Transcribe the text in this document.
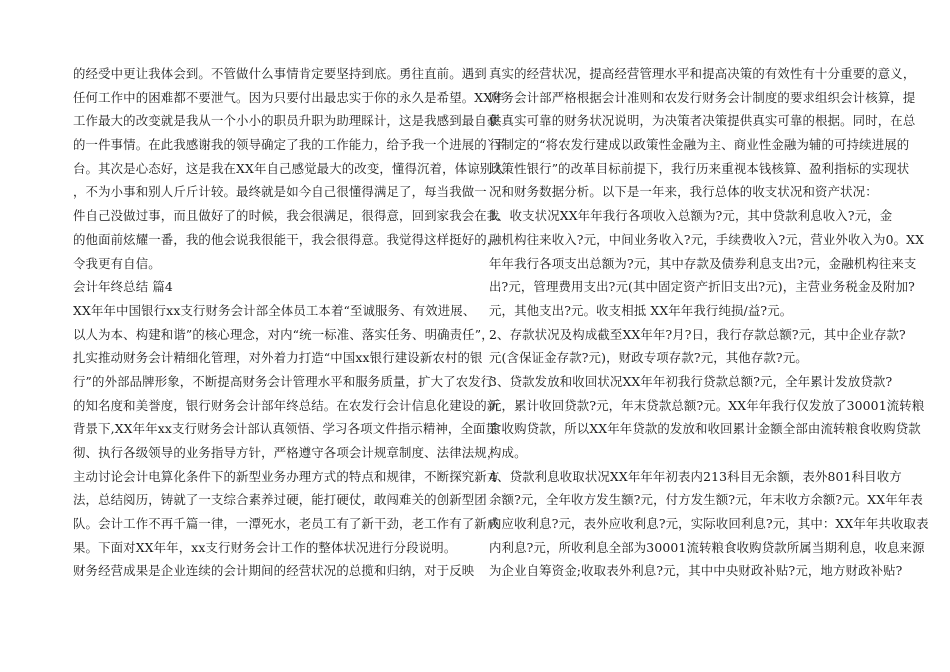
的经受中更让我体会到。不管做什么事情肯定要坚持到底。勇往直前。遇到
任何工作中的困难都不要泄气。因为只要付出最忠实于你的永久是希望。XX年
工作最大的改变就是我从一个小小的职员升职为助理睬计，这是我感到最自豪
的一件事情。在此我感谢我的领导确定了我的工作能力，给予我一个进展的`平
台。其次是心态好，这是我在XX年自己感觉最大的改变，懂得沉着，体谅别人
，不为小事和别人斤斤计较。最终就是如今自己很懂得满足了，每当我做一
件自己没做过事，而且做好了的时候，我会很满足，很得意，回到家我会在我
的他面前炫耀一番，我的他会说我很能干，我会很得意。我觉得这样挺好的，
令我更有自信。
会计年终总结 篇4
XX年年中国银行xx支行财务会计部全体员工本着“至诚服务、有效进展、
以人为本、构建和谐”的核心理念，对内“统一标准、落实任务、明确责任”，
扎实推动财务会计精细化管理，对外着力打造“中国xx银行建设新农村的银
行”的外部品牌形象，不断提高财务会计管理水平和服务质量，扩大了农发行
的知名度和美誉度，银行财务会计部年终总结。在农发行会计信息化建设的新
背景下,XX年年xx支行财务会计部认真领悟、学习各项文件指示精神，全面贯
彻、执行各级领导的业务指导方针，严格遵守各项会计规章制度、法律法规，
主动讨论会计电算化条件下的新型业务办理方式的特点和规律，不断探究新方
法，总结阅历，铸就了一支综合素养过硬，能打硬仗，敢闯难关的创新型团
队。会计工作不再千篇一律，一潭死水，老员工有了新干劲，老工作有了新成
果。下面对XX年年，xx支行财务会计工作的整体状况进行分段说明。
财务经营成果是企业连续的会计期间的经营状况的总揽和归纳，对于反映
真实的经营状况，提高经营管理水平和提高决策的有效性有十分重要的意义，
财务会计部严格根据会计准则和农发行财务会计制度的要求组织会计核算，提
供真实可靠的财务状况说明，为决策者决策提供真实可靠的根据。同时，在总
行制定的“将农发行建成以政策性金融为主、商业性金融为辅的可持续进展的
政策性银行”的改革目标前提下，我行历来重视本钱核算、盈利指标的实现状
况和财务数据分析。以下是一年来，我行总体的收支状况和资产状况：
1、收支状况XX年年我行各项收入总额为?元，其中贷款利息收入?元，金
融机构往来收入?元，中间业务收入?元，手续费收入?元，营业外收入为0。XX
年年我行各项支出总额为?元，其中存款及债券利息支出?元，金融机构往来支
出?元，管理费用支出?元(其中固定资产折旧支出?元)，主营业务税金及附加?
元，其他支出?元。收支相抵 XX年年我行纯损/益?元。
2、存款状况及构成截至XX年年?月?日，我行存款总额?元，其中企业存款?
元(含保证金存款?元)，财政专项存款?元，其他存款?元。
3、贷款发放和收回状况XX年年初我行贷款总额?元，全年累计发放贷款?
元，累计收回贷款?元，年末贷款总额?元。XX年年我行仅发放了30001流转粮
食收购贷款，所以XX年年贷款的发放和收回累计金额全部由流转粮食收购贷款
构成。
4、贷款利息收取状况XX年年年初表内213科目无余额，表外801科目收方
余额?元，全年收方发生额?元，付方发生额?元，年末收方余额?元。XX年年表
内应收利息?元，表外应收利息?元，实际收回利息?元，其中：XX年年共收取表
内利息?元，所收利息全部为30001流转粮食收购贷款所属当期利息，收息来源
为企业自筹资金;收取表外利息?元，其中中央财政补贴?元，地方财政补贴?
